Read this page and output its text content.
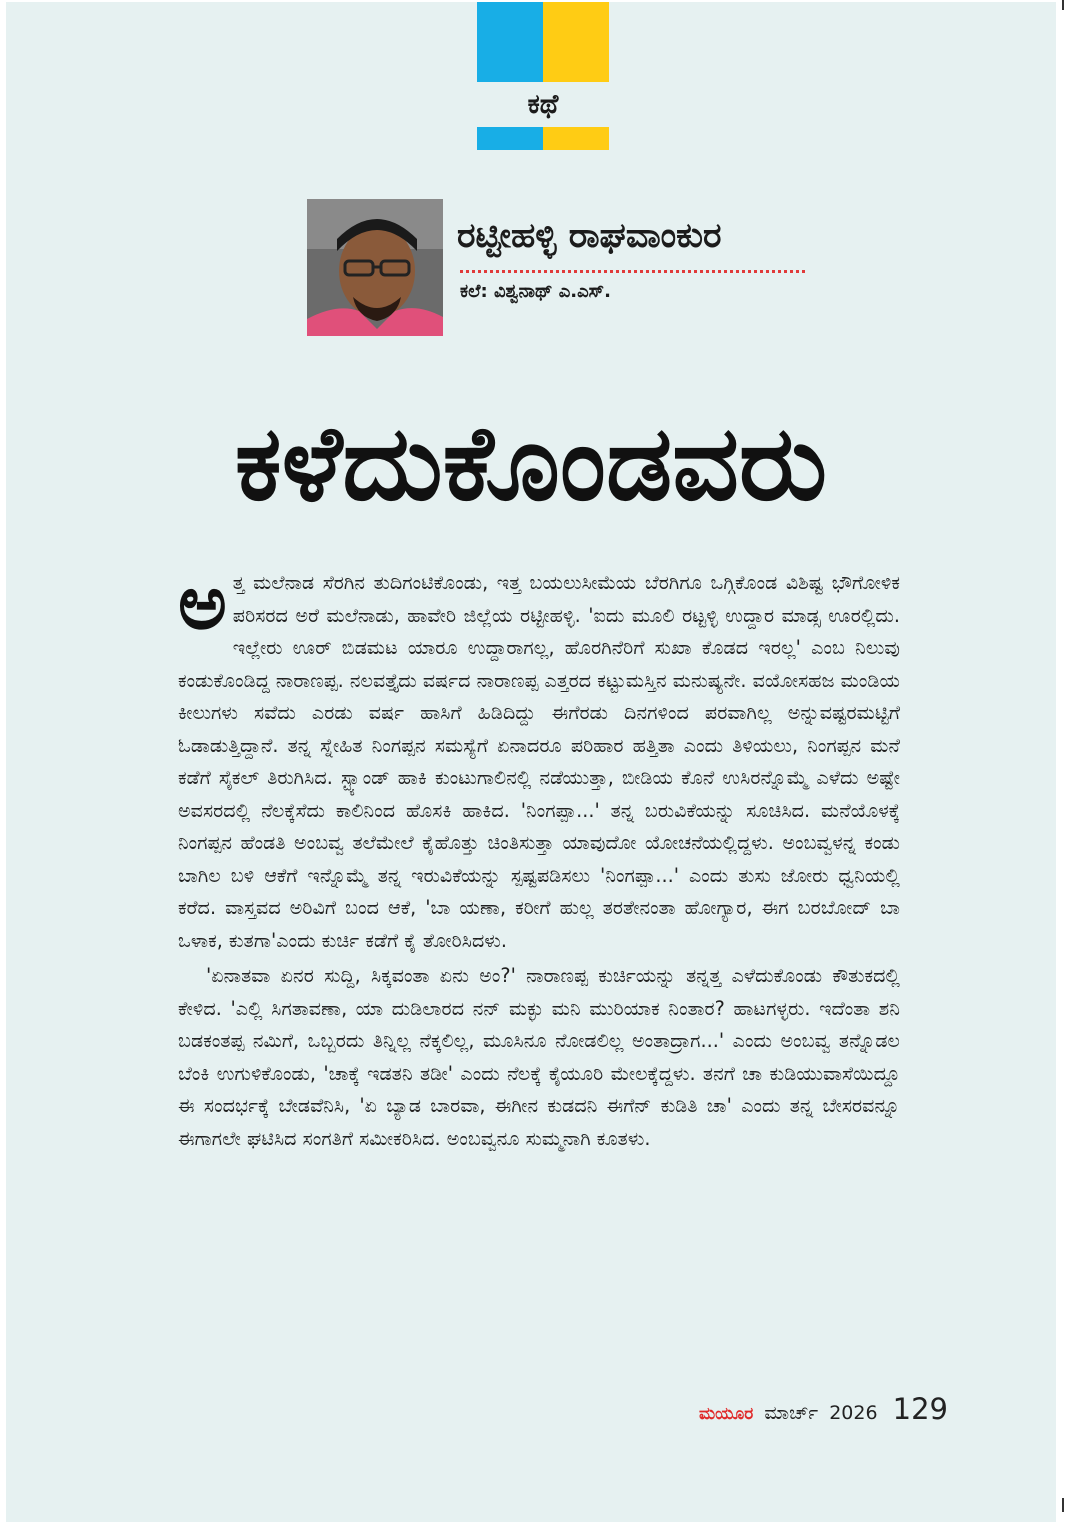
ಕಥೆ
ರಟ್ಟೀಹಳ್ಳಿ ರಾಘವಾಂಕುರ
ಕಲೆ: ವಿಶ್ವನಾಥ್ ಎ.ಎಸ್.
ಕಳೆದುಕೊಂಡವರು

ಅತ್ತ ಮಲೆನಾಡ ಸೆರಗಿನ ತುದಿಗಂಟಿಕೊಂಡು, ಇತ್ತ ಬಯಲುಸೀಮೆಯ ಬೆರಗಿಗೂ ಒಗ್ಗಿಕೊಂಡ ವಿಶಿಷ್ಟ ಭೌಗೋಳಿಕ ಪರಿಸರದ ಅರೆ ಮಲೆನಾಡು, ಹಾವೇರಿ ಜಿಲ್ಲೆಯ ರಟ್ಟೀಹಳ್ಳಿ. 'ಐದು ಮೂಲಿ ರಟ್ಟಳ್ಳಿ ಉದ್ದಾರ ಮಾಡ್ಸ ಊರಲ್ಲಿದು. ಇಲ್ಲೇರು ಊರ್ ಬಿಡಮಟ ಯಾರೂ ಉದ್ದಾರಾಗಲ್ಲ, ಹೊರಗಿನೆರಿಗೆ ಸುಖಾ ಕೊಡದ ಇರಲ್ಲ' ಎಂಬ ನಿಲುವು ಕಂಡುಕೊಂಡಿದ್ದ ನಾರಾಣಪ್ಪ. ನಲವತ್ತೈದು ವರ್ಷದ ನಾರಾಣಪ್ಪ ಎತ್ತರದ ಕಟ್ಟುಮಸ್ತಿನ ಮನುಷ್ಯನೇ. ವಯೋಸಹಜ ಮಂಡಿಯ ಕೀಲುಗಳು ಸವೆದು ಎರಡು ವರ್ಷ ಹಾಸಿಗೆ ಹಿಡಿದಿದ್ದು ಈಗೆರಡು ದಿನಗಳಿಂದ ಪರವಾಗಿಲ್ಲ ಅನ್ನುವಷ್ಟರಮಟ್ಟಿಗೆ ಓಡಾಡುತ್ತಿದ್ದಾನೆ. ತನ್ನ ಸ್ನೇಹಿತ ನಿಂಗಪ್ಪನ ಸಮಸ್ಯೆಗೆ ಏನಾದರೂ ಪರಿಹಾರ ಹತ್ತಿತಾ ಎಂದು ತಿಳಿಯಲು, ನಿಂಗಪ್ಪನ ಮನೆ ಕಡೆಗೆ ಸೈಕಲ್ ತಿರುಗಿಸಿದ. ಸ್ಟ್ಯಾಂಡ್ ಹಾಕಿ ಕುಂಟುಗಾಲಿನಲ್ಲಿ ನಡೆಯುತ್ತಾ, ಬೀಡಿಯ ಕೊನೆ ಉಸಿರನ್ನೊಮ್ಮೆ ಎಳೆದು ಅಷ್ಟೇ ಅವಸರದಲ್ಲಿ ನೆಲಕ್ಕೆಸೆದು ಕಾಲಿನಿಂದ ಹೊಸಕಿ ಹಾಕಿದ. 'ನಿಂಗಪ್ಪಾ...' ತನ್ನ ಬರುವಿಕೆಯನ್ನು ಸೂಚಿಸಿದ. ಮನೆಯೊಳಕ್ಕೆ ನಿಂಗಪ್ಪನ ಹೆಂಡತಿ ಅಂಬವ್ವ ತಲೆಮೇಲೆ ಕೈಹೊತ್ತು ಚಿಂತಿಸುತ್ತಾ ಯಾವುದೋ ಯೋಚನೆಯಲ್ಲಿದ್ದಳು. ಅಂಬವ್ವಳನ್ನ ಕಂಡು ಬಾಗಿಲ ಬಳಿ ಆಕೆಗೆ ಇನ್ನೊಮ್ಮೆ ತನ್ನ ಇರುವಿಕೆಯನ್ನು ಸ್ಪಷ್ಟಪಡಿಸಲು 'ನಿಂಗಪ್ಪಾ...' ಎಂದು ತುಸು ಜೋರು ಧ್ವನಿಯಲ್ಲಿ ಕರೆದ. ವಾಸ್ತವದ ಅರಿವಿಗೆ ಬಂದ ಆಕೆ, 'ಬಾ ಯಣಾ, ಕರೀಗೆ ಹುಲ್ಲ ತರತೇನಂತಾ ಹೋಗ್ಯಾರ, ಈಗ ಬರಬೋದ್ ಬಾ ಒಳಾಕ, ಕುತಗಾ'ಎಂದು ಕುರ್ಚಿ ಕಡೆಗೆ ಕೈ ತೋರಿಸಿದಳು.

'ಏನಾತವಾ ಏನರ ಸುದ್ದಿ, ಸಿಕ್ಕವಂತಾ ಏನು ಅಂ?' ನಾರಾಣಪ್ಪ ಕುರ್ಚಿಯನ್ನು ತನ್ನತ್ತ ಎಳೆದುಕೊಂಡು ಕೌತುಕದಲ್ಲಿ ಕೇಳಿದ. 'ಎಲ್ಲಿ ಸಿಗತಾವಣಾ, ಯಾ ದುಡಿಲಾರದ ನನ್ ಮಕ್ಳು ಮನಿ ಮುರಿಯಾಕ ನಿಂತಾರ? ಹಾಟಗಳ್ಳರು. ಇದೆಂತಾ ಶನಿ ಬಡಕಂತಪ್ಪ ನಮಿಗೆ, ಒಬ್ಬರದು ತಿನ್ನಿಲ್ಲ ನೆಕ್ಕಲಿಲ್ಲ, ಮೂಸಿನೂ ನೋಡಲಿಲ್ಲ ಅಂತಾದ್ರಾಗ...' ಎಂದು ಅಂಬವ್ವ ತನ್ನೊಡಲ ಬೆಂಕಿ ಉಗುಳಿಕೊಂಡು, 'ಚಾಕ್ಕೆ ಇಡತನಿ ತಡೀ' ಎಂದು ನೆಲಕ್ಕೆ ಕೈಯೂರಿ ಮೇಲಕ್ಕೆದ್ದಳು. ತನಗೆ ಚಾ ಕುಡಿಯುವಾಸೆಯಿದ್ದೂ ಈ ಸಂದರ್ಭಕ್ಕೆ ಬೇಡವೆನಿಸಿ, 'ಏ ಬ್ಯಾಡ ಬಾರವಾ, ಈಗೀನ ಕುಡದನಿ ಈಗೆನ್ ಕುಡಿತಿ ಚಾ' ಎಂದು ತನ್ನ ಬೇಸರವನ್ನೂ ಈಗಾಗಲೇ ಘಟಿಸಿದ ಸಂಗತಿಗೆ ಸಮೀಕರಿಸಿದ. ಅಂಬವ್ವನೂ ಸುಮ್ಮನಾಗಿ ಕೂತಳು.

ಮಯೂರ ಮಾರ್ಚ್ 2026 129
